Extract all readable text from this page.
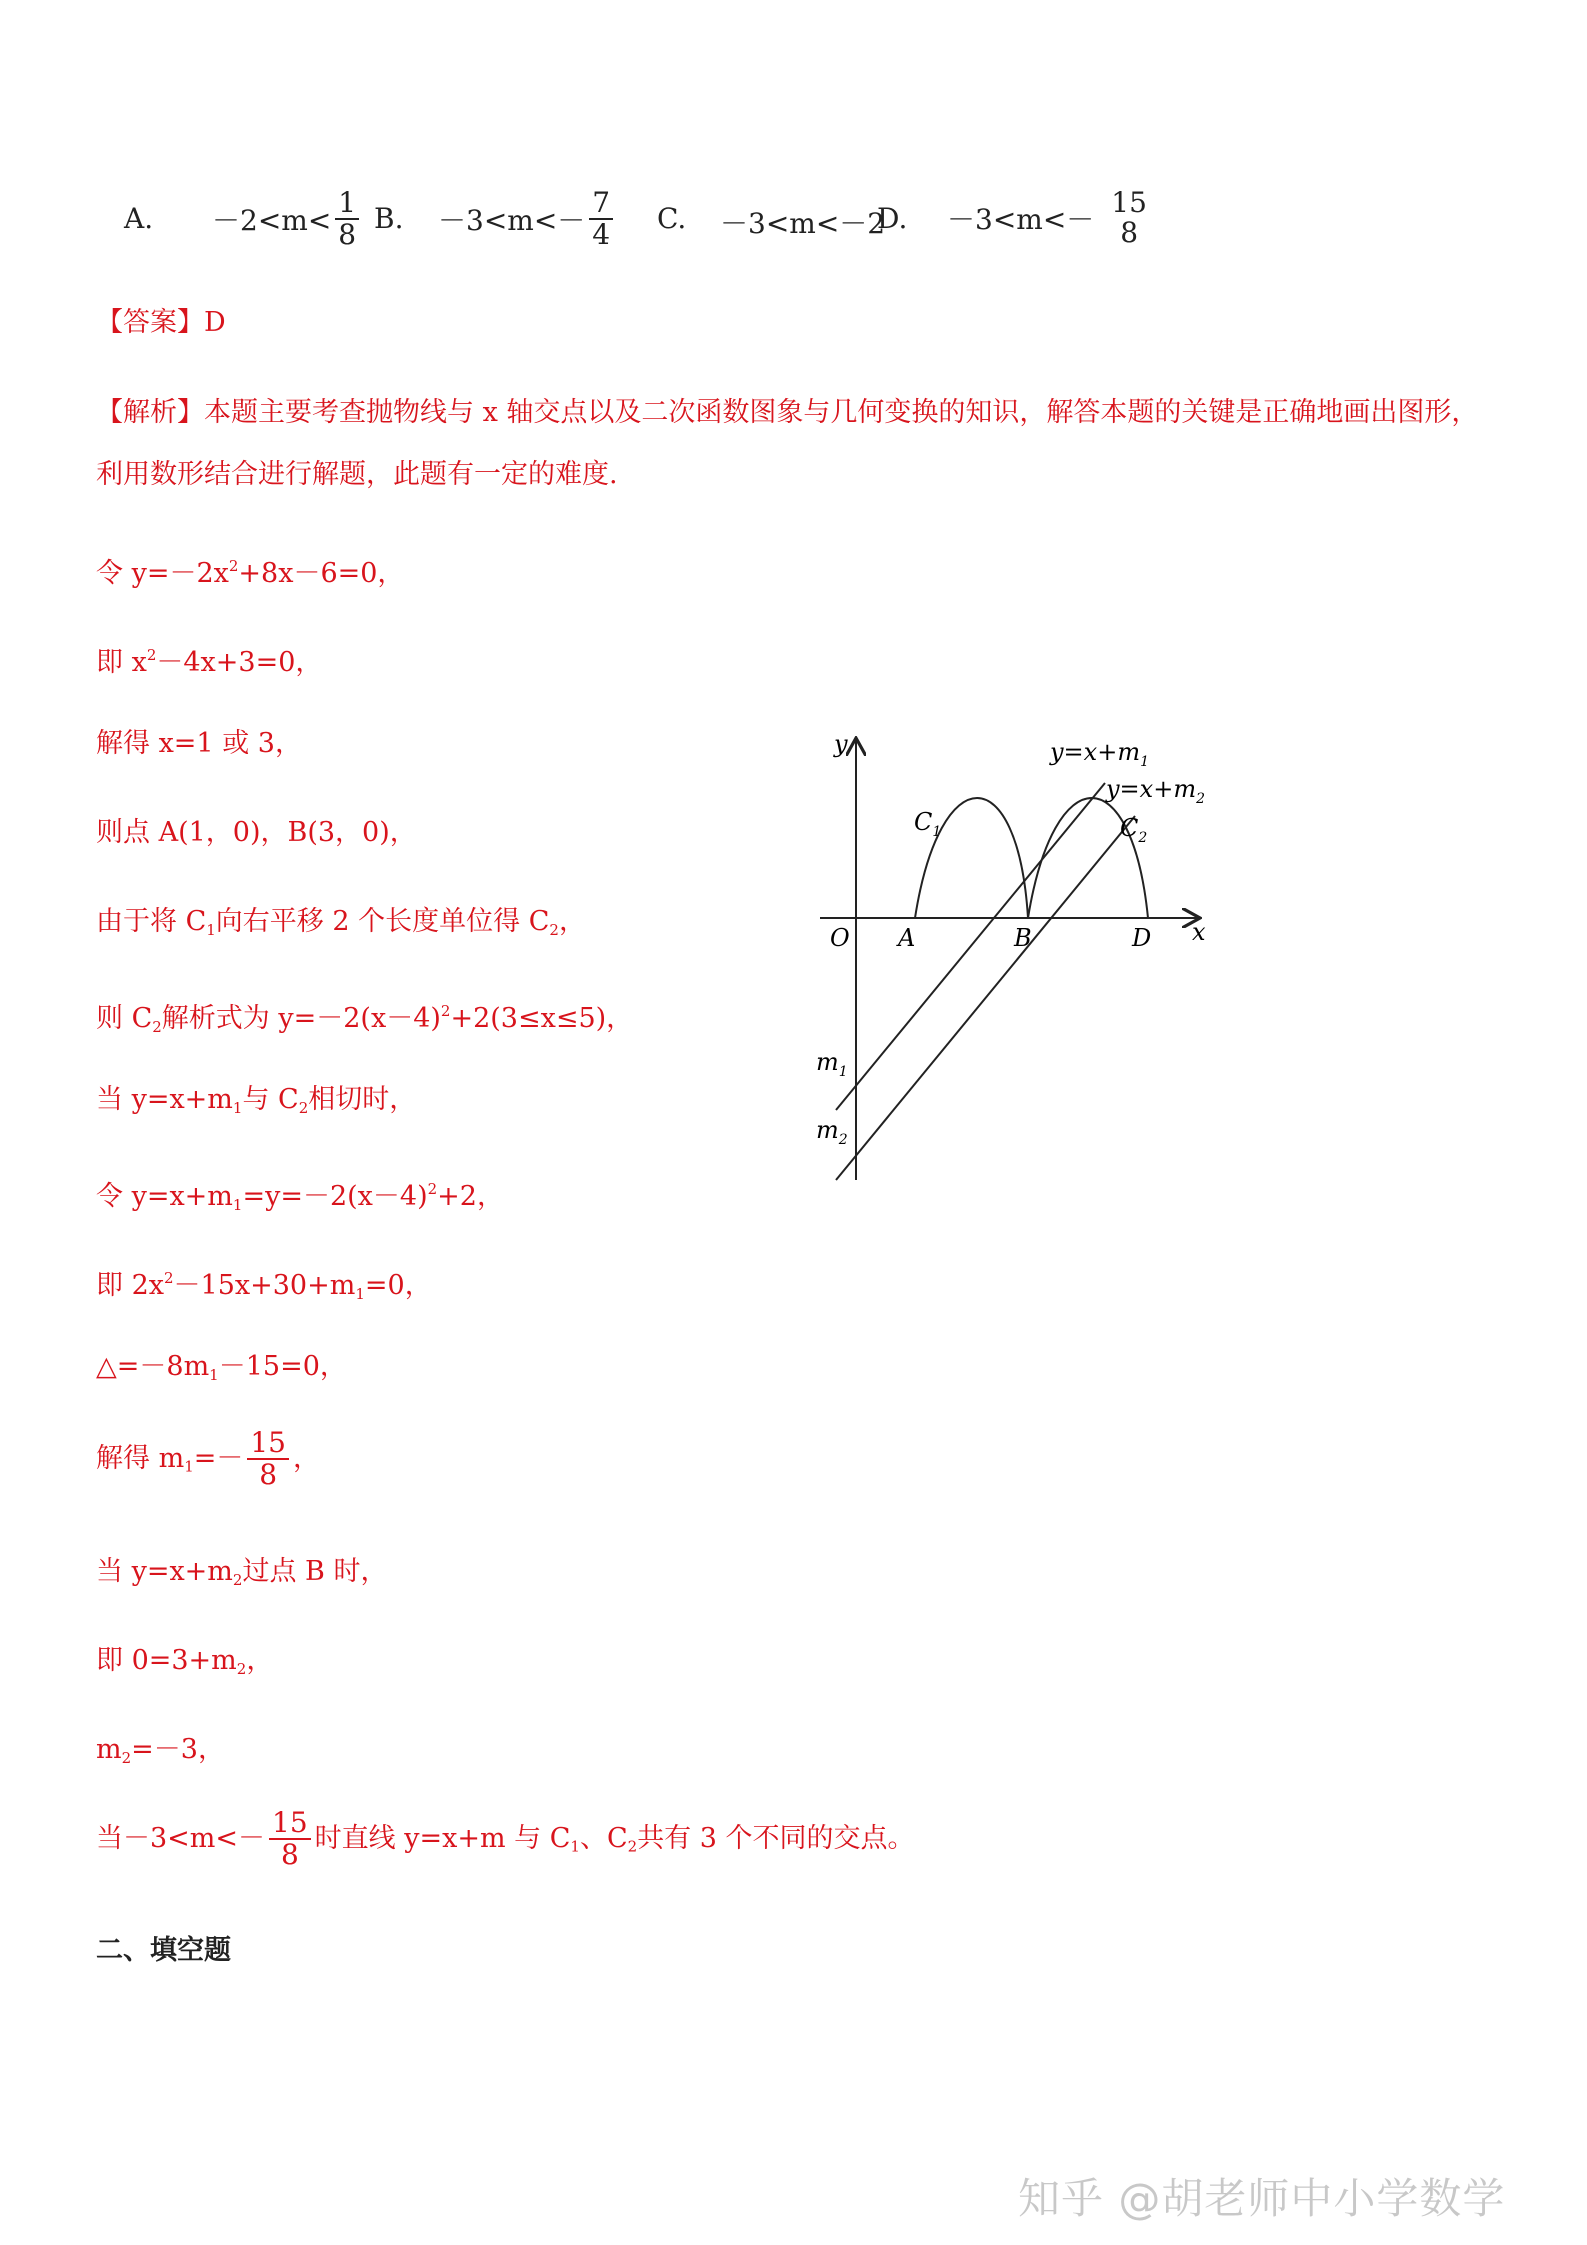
A. $-2<m< \frac{1}{8} B$. $-3<m<- \frac{7}{4} C$. －3<m<－2
D. －3<m<－
15
8
【答案】D
【解析】本题主要考查抛物线与 x 轴交点以及二次函数图象与几何变换的知识，解答本题的关键是正确地画出图形，
利用数形结合进行解题，此题有一定的难度.
令 $y=-2x^2+8x-6=0$，
即 $x^2-4x+3=0$，
解得 x=1 或 3，
则点 A(1，0)，B(3，0)，
由于将 $C_1$向右平移 2 个长度单位得 $C_2$，
则 $C_2$解析式为 $y=-2(x-4)^2+2(3\le x\le 5)$，
当 $y=x+m_1$与 $C_2$相切时，
令 $y=x+m_1=y=-2(x-4)^2+2$，
即 $2x^2-15x+30+m_1=0$，
$\triangle=-8m_1-15=0$，
解得 $m_1=- \frac{15}{8}$ ，
当 $y=x+m_2$过点 B 时，
即 $0=3+m_2$，
$m_2=-3$，
当$-3<m<- \frac{15}{8}$ 时直线 y=x+m 与 $C_1$、$C_2$共有 3 个不同的交点。
二、填空题
y
x
O A	B	D
$C_1$	$C_2$
$y=x+m_1$
$y=x+m_2$
$m_1$
$m_2$
知乎 @胡老师中小学数学
